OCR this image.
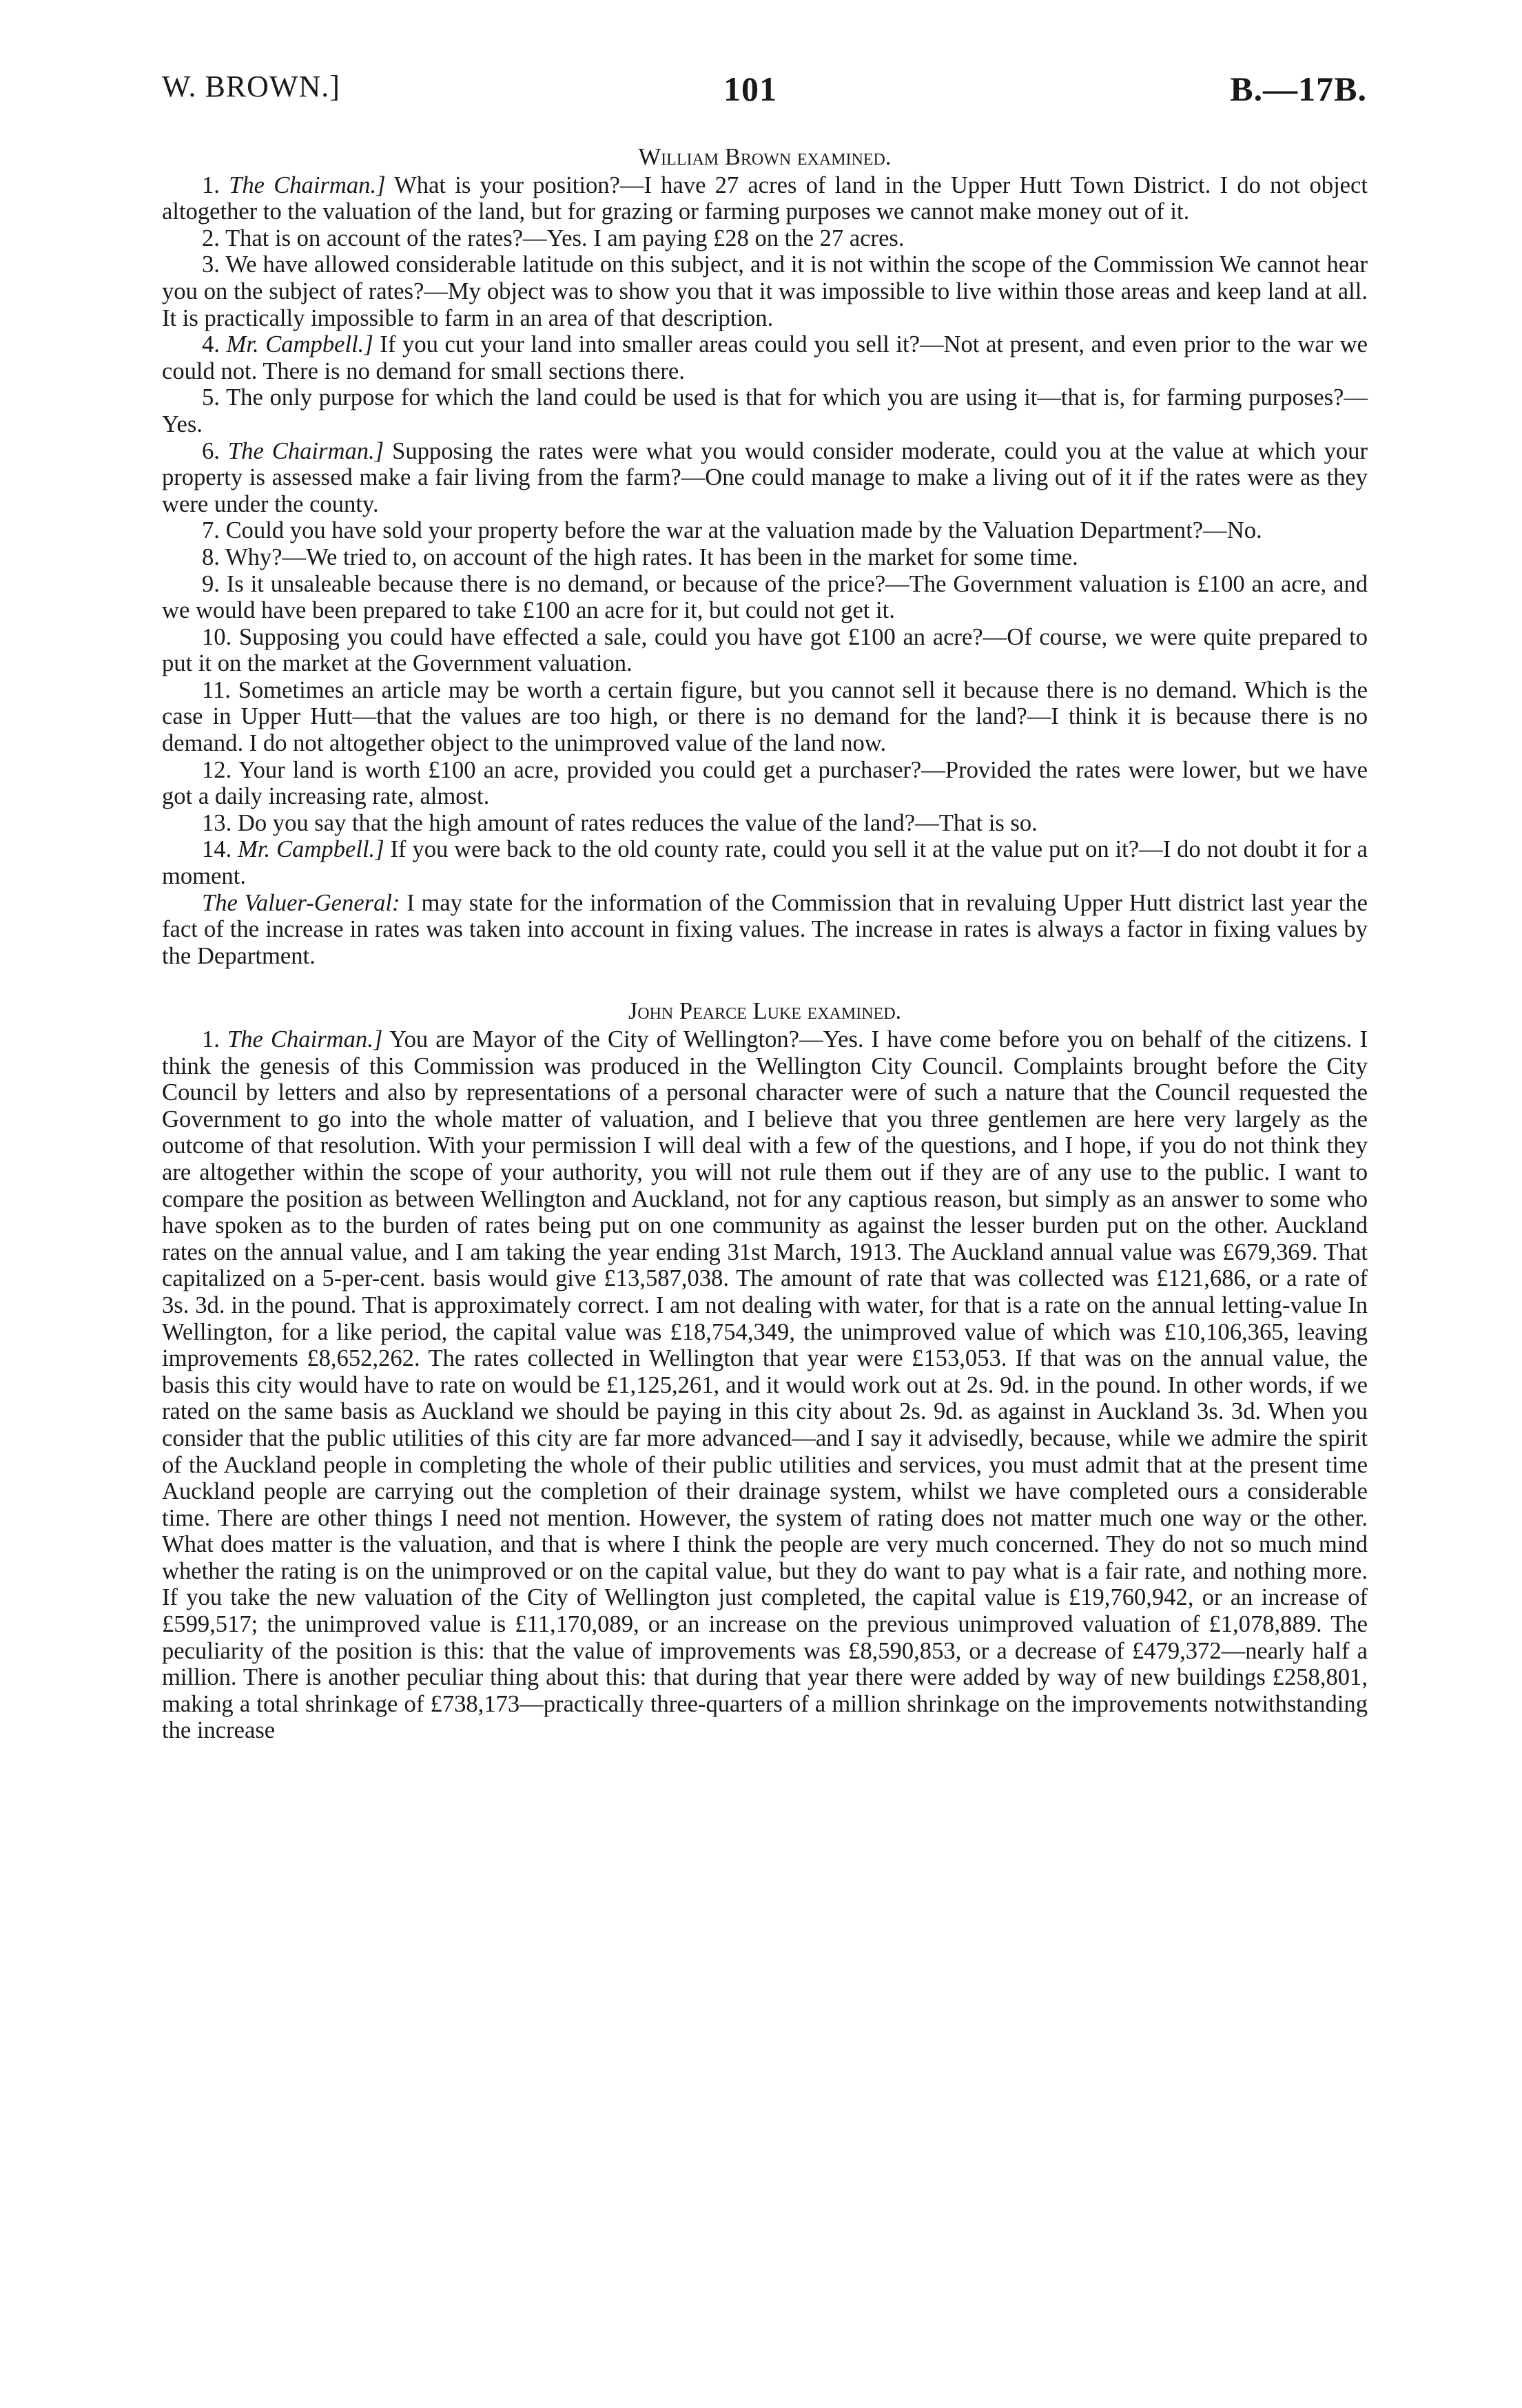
W. BROWN.]	101	B.—17B.
William Brown examined.

1. The Chairman.] What is your position?—I have 27 acres of land in the Upper Hutt Town District. I do not object altogether to the valuation of the land, but for grazing or farming purposes we cannot make money out of it.

2. That is on account of the rates?—Yes. I am paying £28 on the 27 acres.

3. We have allowed considerable latitude on this subject, and it is not within the scope of the Commission We cannot hear you on the subject of rates?—My object was to show you that it was impossible to live within those areas and keep land at all. It is practically impossible to farm in an area of that description.

4. Mr. Campbell.] If you cut your land into smaller areas could you sell it?—Not at present, and even prior to the war we could not. There is no demand for small sections there.

5. The only purpose for which the land could be used is that for which you are using it—that is, for farming purposes?—Yes.

6. The Chairman.] Supposing the rates were what you would consider moderate, could you at the value at which your property is assessed make a fair living from the farm?—One could manage to make a living out of it if the rates were as they were under the county.

7. Could you have sold your property before the war at the valuation made by the Valuation Department?—No.

8. Why?—We tried to, on account of the high rates. It has been in the market for some time.

9. Is it unsaleable because there is no demand, or because of the price?—The Government valuation is £100 an acre, and we would have been prepared to take £100 an acre for it, but could not get it.

10. Supposing you could have effected a sale, could you have got £100 an acre?—Of course, we were quite prepared to put it on the market at the Government valuation.

11. Sometimes an article may be worth a certain figure, but you cannot sell it because there is no demand. Which is the case in Upper Hutt—that the values are too high, or there is no demand for the land?—I think it is because there is no demand. I do not altogether object to the unimproved value of the land now.

12. Your land is worth £100 an acre, provided you could get a purchaser?—Provided the rates were lower, but we have got a daily increasing rate, almost.

13. Do you say that the high amount of rates reduces the value of the land?—That is so.

14. Mr. Campbell.] If you were back to the old county rate, could you sell it at the value put on it?—I do not doubt it for a moment.

The Valuer-General: I may state for the information of the Commission that in revaluing Upper Hutt district last year the fact of the increase in rates was taken into account in fixing values. The increase in rates is always a factor in fixing values by the Department.

John Pearce Luke examined.

1. The Chairman.] You are Mayor of the City of Wellington?—Yes. I have come before you on behalf of the citizens. I think the genesis of this Commission was produced in the Wellington City Council. Complaints brought before the City Council by letters and also by representations of a personal character were of such a nature that the Council requested the Government to go into the whole matter of valuation, and I believe that you three gentlemen are here very largely as the outcome of that resolution. With your permission I will deal with a few of the questions, and I hope, if you do not think they are altogether within the scope of your authority, you will not rule them out if they are of any use to the public. I want to compare the position as between Wellington and Auckland, not for any captious reason, but simply as an answer to some who have spoken as to the burden of rates being put on one community as against the lesser burden put on the other. Auckland rates on the annual value, and I am taking the year ending 31st March, 1913. The Auckland annual value was £679,369. That capitalized on a 5-per-cent. basis would give £13,587,038. The amount of rate that was collected was £121,686, or a rate of 3s. 3d. in the pound. That is approximately correct. I am not dealing with water, for that is a rate on the annual letting-value In Wellington, for a like period, the capital value was £18,754,349, the unimproved value of which was £10,106,365, leaving improvements £8,652,262. The rates collected in Wellington that year were £153,053. If that was on the annual value, the basis this city would have to rate on would be £1,125,261, and it would work out at 2s. 9d. in the pound. In other words, if we rated on the same basis as Auckland we should be paying in this city about 2s. 9d. as against in Auckland 3s. 3d. When you consider that the public utilities of this city are far more advanced—and I say it advisedly, because, while we admire the spirit of the Auckland people in completing the whole of their public utilities and services, you must admit that at the present time Auckland people are carrying out the completion of their drainage system, whilst we have completed ours a considerable time. There are other things I need not mention. However, the system of rating does not matter much one way or the other. What does matter is the valuation, and that is where I think the people are very much concerned. They do not so much mind whether the rating is on the unimproved or on the capital value, but they do want to pay what is a fair rate, and nothing more. If you take the new valuation of the City of Wellington just completed, the capital value is £19,760,942, or an increase of £599,517; the unimproved value is £11,170,089, or an increase on the previous unimproved valuation of £1,078,889. The peculiarity of the position is this: that the value of improvements was £8,590,853, or a decrease of £479,372—nearly half a million. There is another peculiar thing about this: that during that year there were added by way of new buildings £258,801, making a total shrinkage of £738,173—practically three-quarters of a million shrinkage on the improvements notwithstanding the increase
